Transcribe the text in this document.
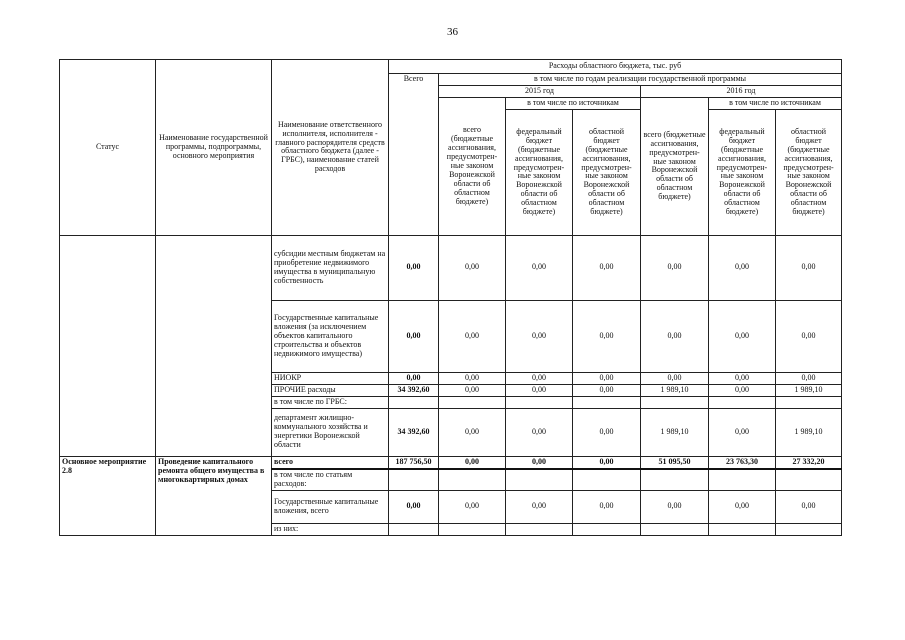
36
Статус	Наименование государственной программы, подпрограммы, основного мероприятия	Наименование ответственного исполнителя, исполнителя - главного распорядителя средств областного бюджета (далее - ГРБС), наименование статей расходов	Расходы областного бюджета, тыс. руб						
			Всего	в том числе по годам реализации государственной программы					
				2015 год			2016 год		
				всего (бюджетные ассигнования, предусмотрен-ные законом Воронежской области об областном бюджете)	в том числе по источникам		всего (бюджетные ассигнования, предусмотрен-ные законом Воронежской области об областном бюджете)	в том числе по источникам	
					федеральный бюджет (бюджетные ассигнования, предусмотрен-ные законом Воронежской области об областном бюджете)	областной бюджет (бюджетные ассигнования, предусмотрен-ные законом Воронежской области об областном бюджете)		федеральный бюджет (бюджетные ассигнования, предусмотрен-ные законом Воронежской области об областном бюджете)	областной бюджет (бюджетные ассигнования, предусмотрен-ные законом Воронежской области об областном бюджете)
		субсидии местным бюджетам на приобретение недвижимого имущества в муниципальную собственность	0,00	0,00	0,00	0,00	0,00	0,00	0,00
		Государственные капитальные вложения (за исключением объектов капитального строительства и объектов недвижимого имущества)	0,00	0,00	0,00	0,00	0,00	0,00	0,00
		НИОКР	0,00	0,00	0,00	0,00	0,00	0,00	0,00
		ПРОЧИЕ расходы	34 392,60	0,00	0,00	0,00	1 989,10	0,00	1 989,10
		в том числе по ГРБС:							
		департамент жилищно-коммунального хозяйства и энергетики Воронежской области	34 392,60	0,00	0,00	0,00	1 989,10	0,00	1 989,10
Основное мероприятие 2.8	Проведение капитального ремонта общего имущества в многоквартирных домах	всего	187 756,50	0,00	0,00	0,00	51 095,50	23 763,30	27 332,20
		в том числе по статьям расходов:							
		Государственные капитальные вложения, всего	0,00	0,00	0,00	0,00	0,00	0,00	0,00
		из них:							
